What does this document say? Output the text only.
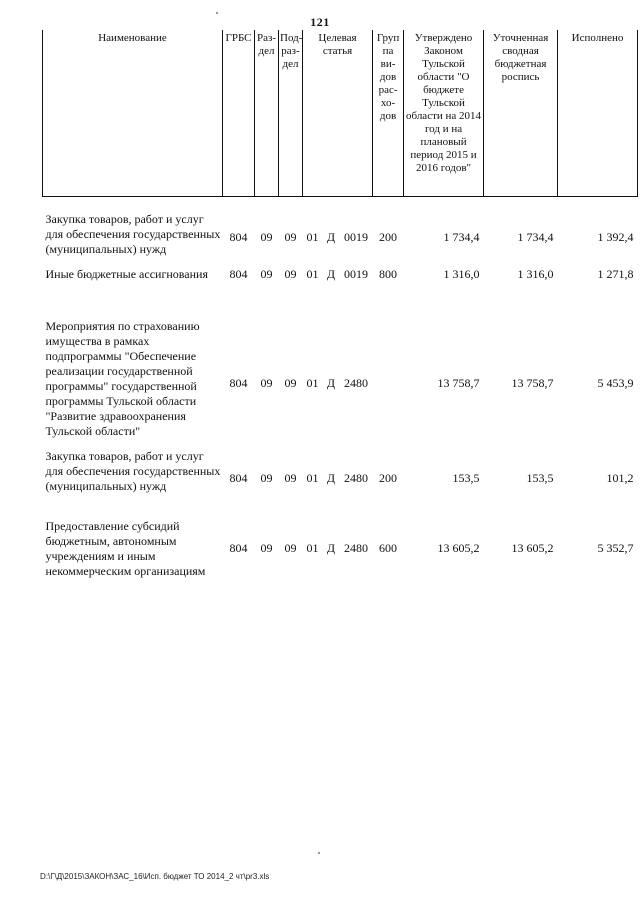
121
Наименование	ГРБС	Раз-дел	Под-раз-дел	Целевая статья			Груп па ви-дов рас-хо-дов	Утверждено Законом Тульской области "О бюджете Тульской области на 2014 год и на плановый период 2015 и 2016 годов"	Уточненная сводная бюджетная роспись	Исполнено
Закупка товаров, работ и услуг для обеспечения государственных (муниципальных) нужд	804	09	09	01	Д	0019	200	1 734,4	1 734,4	1 392,4
Иные бюджетные ассигнования	804	09	09	01	Д	0019	800	1 316,0	1 316,0	1 271,8
Мероприятия по страхованию имущества в рамках подпрограммы "Обеспечение реализации государственной программы" государственной программы Тульской области "Развитие здравоохранения Тульской области"	804	09	09	01	Д	2480		13 758,7	13 758,7	5 453,9
Закупка товаров, работ и услуг для обеспечения государственных (муниципальных) нужд	804	09	09	01	Д	2480	200	153,5	153,5	101,2
Предоставление субсидий бюджетным, автономным учреждениям и иным некоммерческим организациям	804	09	09	01	Д	2480	600	13 605,2	13 605,2	5 352,7
D:\Г\Д\2015\ЗАКОН\ЗАС_16\Исп. бюджет ТО 2014_2 чт\pr3.xls
